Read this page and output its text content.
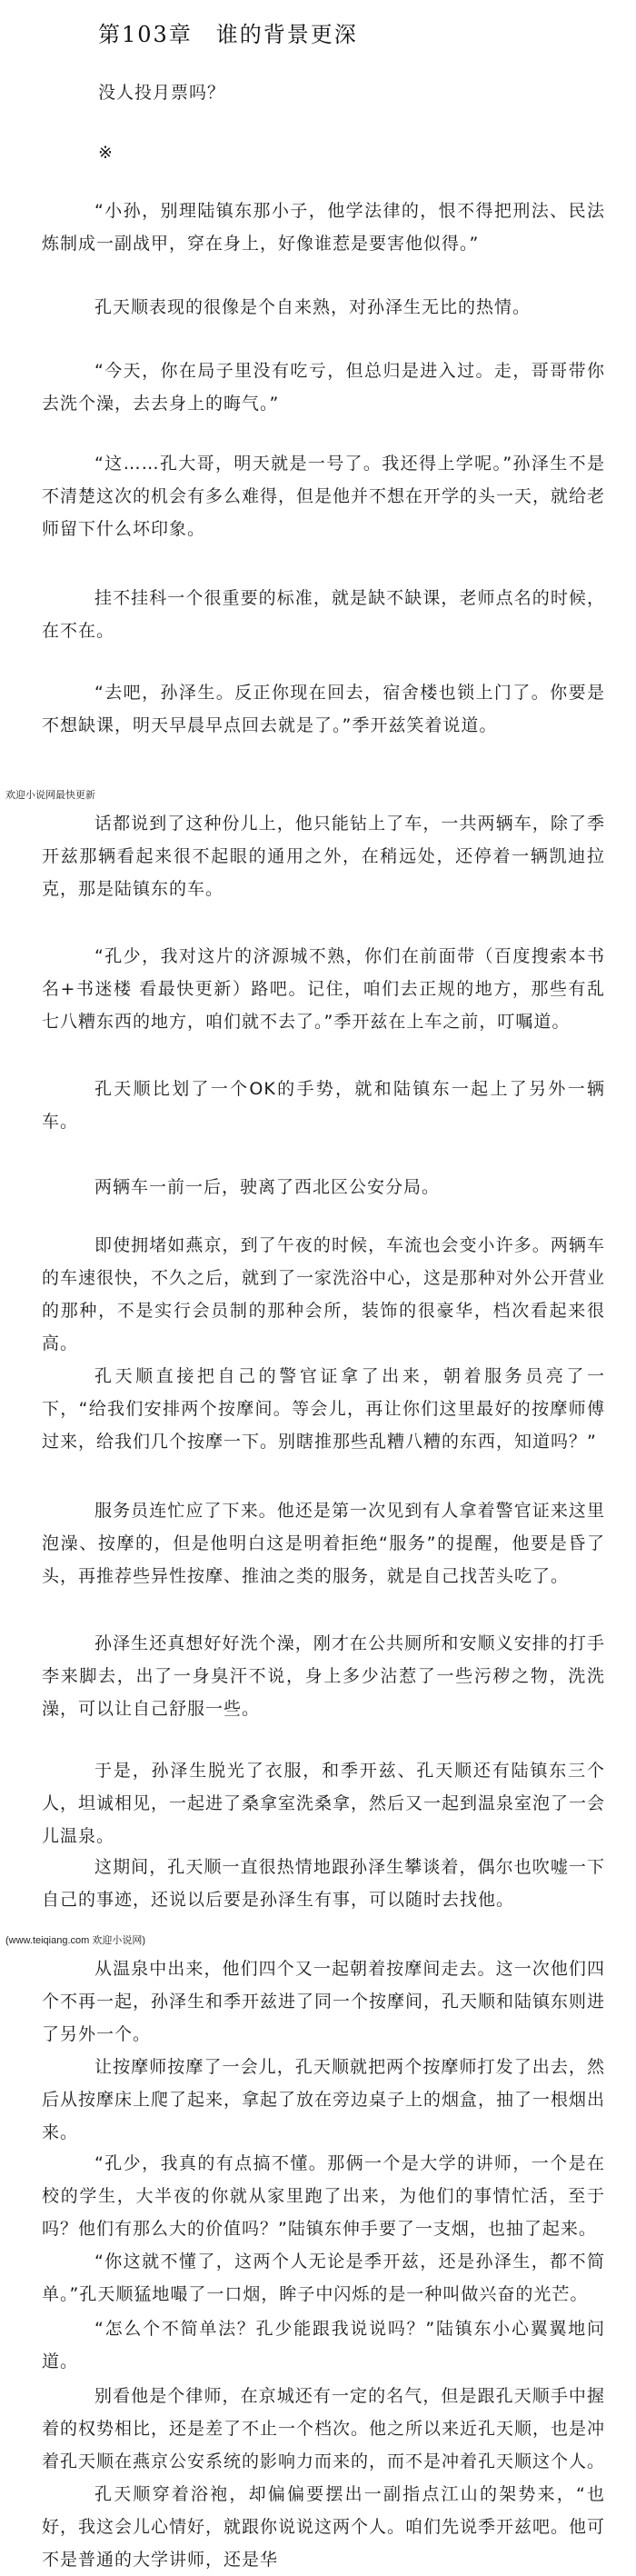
第103章　谁的背景更深

没人投月票吗？

※

“小孙，别理陆镇东那小子，他学法律的，恨不得把刑法、民法炼制成一副战甲，穿在身上，好像谁惹是要害他似得。”

孔天顺表现的很像是个自来熟，对孙泽生无比的热情。

“今天，你在局子里没有吃亏，但总归是进入过。走，哥哥带你去洗个澡，去去身上的晦气。”

“这……孔大哥，明天就是一号了。我还得上学呢。”孙泽生不是不清楚这次的机会有多么难得，但是他并不想在开学的头一天，就给老师留下什么坏印象。

挂不挂科一个很重要的标准，就是缺不缺课，老师点名的时候，在不在。

“去吧，孙泽生。反正你现在回去，宿舍楼也锁上门了。你要是不想缺课，明天早晨早点回去就是了。”季开兹笑着说道。

欢迎小说网最快更新

话都说到了这种份儿上，他只能钻上了车，一共两辆车，除了季开兹那辆看起来很不起眼的通用之外，在稍远处，还停着一辆凯迪拉克，那是陆镇东的车。

“孔少，我对这片的济源城不熟，你们在前面带（百度搜索本书名+书迷楼 看最快更新）路吧。记住，咱们去正规的地方，那些有乱七八糟东西的地方，咱们就不去了。”季开兹在上车之前，叮嘱道。

孔天顺比划了一个OK的手势，就和陆镇东一起上了另外一辆车。

两辆车一前一后，驶离了西北区公安分局。

即使拥堵如燕京，到了午夜的时候，车流也会变小许多。两辆车的车速很快，不久之后，就到了一家洗浴中心，这是那种对外公开营业的那种，不是实行会员制的那种会所，装饰的很豪华，档次看起来很高。

孔天顺直接把自己的警官证拿了出来，朝着服务员亮了一下，“给我们安排两个按摩间。等会儿，再让你们这里最好的按摩师傅过来，给我们几个按摩一下。别瞎推那些乱糟八糟的东西，知道吗？”

服务员连忙应了下来。他还是第一次见到有人拿着警官证来这里泡澡、按摩的，但是他明白这是明着拒绝“服务”的提醒，他要是昏了头，再推荐些异性按摩、推油之类的服务，就是自己找苦头吃了。

孙泽生还真想好好洗个澡，刚才在公共厕所和安顺义安排的打手李来脚去，出了一身臭汗不说，身上多少沾惹了一些污秽之物，洗洗澡，可以让自己舒服一些。

于是，孙泽生脱光了衣服，和季开兹、孔天顺还有陆镇东三个人，坦诚相见，一起进了桑拿室洗桑拿，然后又一起到温泉室泡了一会儿温泉。

这期间，孔天顺一直很热情地跟孙泽生攀谈着，偶尔也吹嘘一下自己的事迹，还说以后要是孙泽生有事，可以随时去找他。

(www.teiqiang.com 欢迎小说网)

从温泉中出来，他们四个又一起朝着按摩间走去。这一次他们四个不再一起，孙泽生和季开兹进了同一个按摩间，孔天顺和陆镇东则进了另外一个。

让按摩师按摩了一会儿，孔天顺就把两个按摩师打发了出去，然后从按摩床上爬了起来，拿起了放在旁边桌子上的烟盒，抽了一根烟出来。

“孔少，我真的有点搞不懂。那俩一个是大学的讲师，一个是在校的学生，大半夜的你就从家里跑了出来，为他们的事情忙活，至于吗？他们有那么大的价值吗？”陆镇东伸手要了一支烟，也抽了起来。

“你这就不懂了，这两个人无论是季开兹，还是孙泽生，都不简单。”孔天顺猛地嘬了一口烟，眸子中闪烁的是一种叫做兴奋的光芒。

“怎么个不简单法？孔少能跟我说说吗？”陆镇东小心翼翼地问道。

别看他是个律师，在京城还有一定的名气，但是跟孔天顺手中握着的权势相比，还是差了不止一个档次。他之所以来近孔天顺，也是冲着孔天顺在燕京公安系统的影响力而来的，而不是冲着孔天顺这个人。

孔天顺穿着浴袍，却偏偏要摆出一副指点江山的架势来，“也好，我这会儿心情好，就跟你说说这两个人。咱们先说季开兹吧。他可不是普通的大学讲师，还是华
